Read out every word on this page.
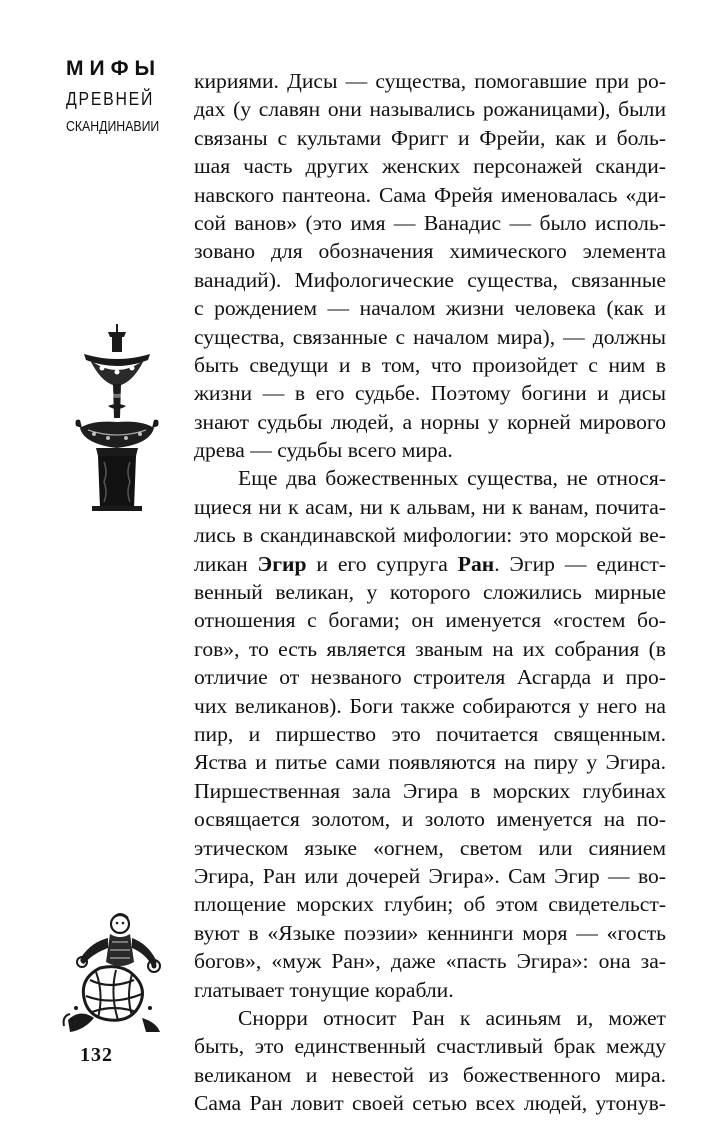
МИФЫ
ДРЕВНЕЙ
СКАНДИНАВИИ
132
кириями. Дисы — существа, помогавшие при ро-
дах (у славян они назывались рожаницами), были
связаны с культами Фригг и Фрейи, как и боль-
шая часть других женских персонажей сканди-
навского пантеона. Сама Фрейя именовалась «ди-
сой ванов» (это имя — Ванадис — было исполь-
зовано для обозначения химического элемента
ванадий). Мифологические существа, связанные
с рождением — началом жизни человека (как и
существа, связанные с началом мира), — должны
быть сведущи и в том, что произойдет с ним в
жизни — в его судьбе. Поэтому богини и дисы
знают судьбы людей, а норны у корней мирового
древа — судьбы всего мира.
Еще два божественных существа, не относя-
щиеся ни к асам, ни к альвам, ни к ванам, почита-
лись в скандинавской мифологии: это морской ве-
ликан Эгир и его супруга Ран. Эгир — единст-
венный великан, у которого сложились мирные
отношения с богами; он именуется «гостем бо-
гов», то есть является званым на их собрания (в
отличие от незваного строителя Асгарда и про-
чих великанов). Боги также собираются у него на
пир, и пиршество это почитается священным.
Яства и питье сами появляются на пиру у Эгира.
Пиршественная зала Эгира в морских глубинах
освящается золотом, и золото именуется на по-
этическом языке «огнем, светом или сиянием
Эгира, Ран или дочерей Эгира». Сам Эгир — во-
площение морских глубин; об этом свидетельст-
вуют в «Языке поэзии» кеннинги моря — «гость
богов», «муж Ран», даже «пасть Эгира»: она за-
глатывает тонущие корабли.
Снорри относит Ран к асиньям и, может
быть, это единственный счастливый брак между
великаном и невестой из божественного мира.
Сама Ран ловит своей сетью всех людей, утонув-
